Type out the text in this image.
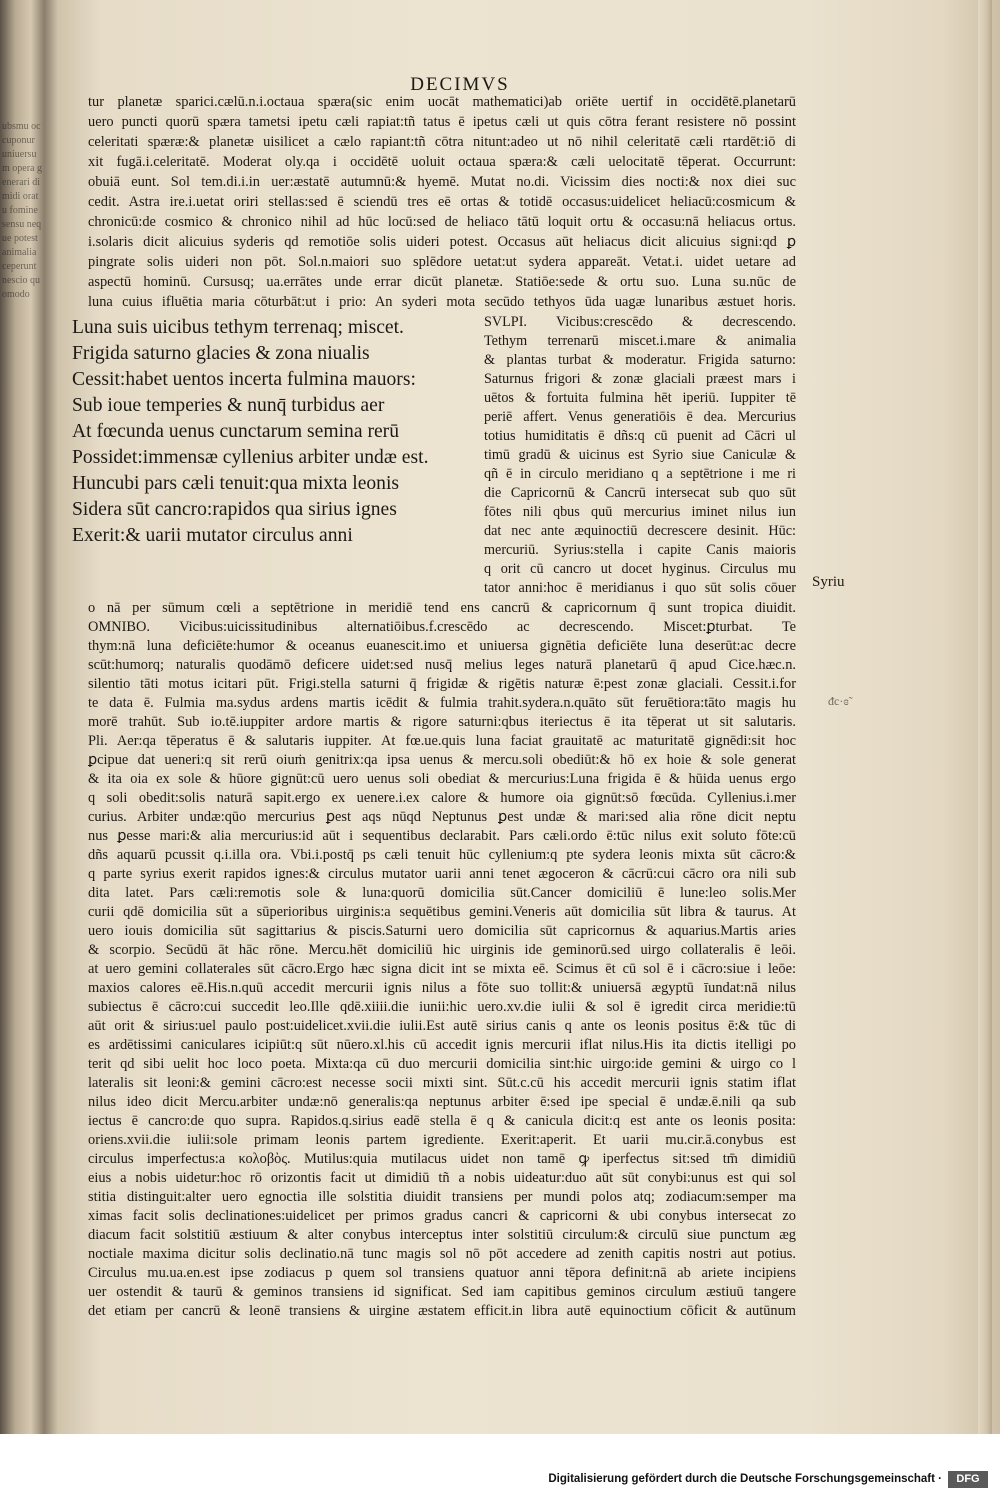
ubsmu occuponur uniuersum opera generari dimidi oratu fomine sensu neque potest animalia ceperunt nescio quomodo
DECIMVS

tur planetæ sparici.cælū.n.i.octaua spæra(sic enim uocāt mathematici)ab oriēte uertif in occidētē.planetarū

uero puncti quorū spæra tametsi ipetu cæli rapiat:tñ tatus ē ipetus cæli ut quis cōtra ferant resistere nō possint

celeritati spæræ:& planetæ uisilicet a cælo rapiant:tñ cōtra nitunt:adeo ut nō nihil celeritatē cæli rtardēt:iō di

xit fugā.i.celeritatē. Moderat oly.qa i occidētē uoluit octaua spæra:& cæli uelocitatē tēperat. Occurrunt:

obuiā eunt. Sol tem.di.i.in uer:æstatē autumnū:& hyemē. Mutat no.di. Vicissim dies nocti:& nox diei suc

cedit. Astra ire.i.uetat oriri stellas:sed ē sciendū tres eē ortas & totidē occasus:uidelicet heliacū:cosmicum &

chronicū:de cosmico & chronico nihil ad hūc locū:sed de heliaco tātū loquit ortu & occasu:nā heliacus ortus.

i.solaris dicit alicuius syderis qd remotiōe solis uideri potest. Occasus aūt heliacus dicit alicuius signi:qd ꝑ

pingrate solis uideri non pōt. Sol.n.maiori suo splēdore uetat:ut sydera appareāt. Vetat.i. uidet uetare ad

aspectū hominū. Cursusq; ua.errātes unde errar dicūt planetæ. Statiōe:sede & ortu suo. Luna su.nūc de

luna cuius ifluētia maria cōturbāt:ut i prio: An syderi mota secūdo tethyos ūda uagæ lunaribus æstuet horis.

Luna suis uicibus tethym terrenaq; miscet.

Frigida saturno glacies & zona niualis

Cessit:habet uentos incerta fulmina mauors:

Sub ioue temperies & nunq̄ turbidus aer

At fœcunda uenus cunctarum semina rerū

Possidet:immensæ cyllenius arbiter undæ est.

Huncubi pars cæli tenuit:qua mixta leonis

Sidera sūt cancro:rapidos qua sirius ignes

Exerit:& uarii mutator circulus anni

SVLPI. Vicibus:crescēdo & decrescendo.

Tethym terrenarū miscet.i.mare & animalia

& plantas turbat & moderatur. Frigida saturno:

Saturnus frigori & zonæ glaciali præest mars i

uētos & fortuita fulmina hēt iperiū. Iuppiter tē

periē affert. Venus generatiōis ē dea. Mercurius

totius humiditatis ē dñs:q cū puenit ad Cācri ul

timū gradū & uicinus est Syrio siue Caniculæ &

qñ ē in circulo meridiano q a septētrione i me ri

die Capricornū & Cancrū intersecat sub quo sūt

fōtes nili qbus quū mercurius iminet nilus iun

dat nec ante æquinoctiū decrescere desinit. Hūc:

mercuriū. Syrius:stella i capite Canis maioris

q orit cū cancro ut docet hyginus. Circulus mu

tator anni:hoc ē meridianus i quo sūt solis cōuer Syriu
ᵭc·ɞ̃

o nā per sūmum cœli a septētrione in meridiē tend ens cancrū & capricornum q̄ sunt tropica diuidit.

OMNIBO. Vicibus:uicissitudinibus alternatiōibus.f.crescēdo ac decrescendo. Miscet:ꝑturbat. Te

thym:nā luna deficiēte:humor & oceanus euanescit.imo et uniuersa gignētia deficiēte luna deserūt:ac decre

scūt:humorq; naturalis quodāmō deficere uidet:sed nusq̄ melius leges naturā planetarū q̄ apud Cice.hæc.n.

silentio tāti motus icitari pūt. Frigi.stella saturni q̄ frigidæ & rigētis naturæ ē:pest zonæ glaciali. Cessit.i.for

te data ē. Fulmia ma.sydus ardens martis icēdit & fulmia trahit.sydera.n.quāto sūt feruētiora:tāto magis hu

morē trahūt. Sub io.tē.iuppiter ardore martis & rigore saturni:qbus iteriectus ē ita tēperat ut sit salutaris.

Pli. Aer:qa tēperatus ē & salutaris iuppiter. At fœ.ue.quis luna faciat grauitatē ac maturitatē gignēdi:sit hoc

ꝑcipue dat ueneri:q sit rerū oiuṁ genitrix:qa ipsa uenus & mercu.soli obediūt:& hō ex hoie & sole generat

& ita oia ex sole & hūore gignūt:cū uero uenus soli obediat & mercurius:Luna frigida ē & hūida uenus ergo

q soli obedit:solis naturā sapit.ergo ex uenere.i.ex calore & humore oia gignūt:sō fœcūda. Cyllenius.i.mer

curius. Arbiter undæ:qūo mercurius ꝑest aqs nūqd Neptunus ꝑest undæ & mari:sed alia rōne dicit neptu

nus ꝑesse mari:& alia mercurius:id aūt i sequentibus declarabit. Pars cæli.ordo ē:tūc nilus exit soluto fōte:cū

dñs aquarū pcussit q.i.illa ora. Vbi.i.postq̄ ps cæli tenuit hūc cyllenium:q pte sydera leonis mixta sūt cācro:&

q parte syrius exerit rapidos ignes:& circulus mutator uarii anni tenet ægoceron & cācrū:cui cācro ora nili sub

dita latet. Pars cæli:remotis sole & luna:quorū domicilia sūt.Cancer domiciliū ē lune:leo solis.Mer

curii qdē domicilia sūt a sūperioribus uirginis:a sequētibus gemini.Veneris aūt domicilia sūt libra & taurus. At

uero iouis domicilia sūt sagittarius & piscis.Saturni uero domicilia sūt capricornus & aquarius.Martis aries

& scorpio. Secūdū āt hāc rōne. Mercu.hēt domiciliū hic uirginis ide geminorū.sed uirgo collateralis ē leōi.

at uero gemini collaterales sūt cācro.Ergo hæc signa dicit int se mixta eē. Scimus ēt cū sol ē i cācro:siue i leōe:

maxios calores eē.His.n.quū accedit mercurii ignis nilus a fōte suo tollit:& uniuersā ægyptū īundat:nā nilus

subiectus ē cācro:cui succedit leo.Ille qdē.xiiii.die iunii:hic uero.xv.die iulii & sol ē igredit circa meridie:tū

aūt orit & sirius:uel paulo post:uidelicet.xvii.die iulii.Est autē sirius canis q ante os leonis positus ē:& tūc di

es ardētissimi caniculares icipiūt:q sūt nūero.xl.his cū accedit ignis mercurii iflat nilus.His ita dictis itelligi po

terit qd sibi uelit hoc loco poeta. Mixta:qa cū duo mercurii domicilia sint:hic uirgo:ide gemini & uirgo co l

lateralis sit leoni:& gemini cācro:est necesse socii mixti sint. Sūt.c.cū his accedit mercurii ignis statim iflat

nilus ideo dicit Mercu.arbiter undæ:nō generalis:qa neptunus arbiter ē:sed ipe special ē undæ.ē.nili qa sub

iectus ē cancro:de quo supra. Rapidos.q.sirius eadē stella ē q & canicula dicit:q est ante os leonis posita:

oriens.xvii.die iulii:sole primam leonis partem igrediente. Exerit:aperit. Et uarii mu.cir.ā.conybus est

circulus imperfectus:a κολοβὸς. Mutilus:quia mutilacus uidet non tamē ꝙ iperfectus sit:sed tm̄ dimidiū

eius a nobis uidetur:hoc rō orizontis facit ut dimidiū tñ a nobis uideatur:duo aūt sūt conybi:unus est qui sol

stitia distinguit:alter uero egnoctia ille solstitia diuidit transiens per mundi polos atq; zodiacum:semper ma

ximas facit solis declinationes:uidelicet per primos gradus cancri & capricorni & ubi conybus intersecat zo

diacum facit solstitiū æstiuum & alter conybus interceptus inter solstitiū circulum:& circulū siue punctum æg

noctiale maxima dicitur solis declinatio.nā tunc magis sol nō pōt accedere ad zenith capitis nostri aut potius.

Circulus mu.ua.en.est ipse zodiacus p quem sol transiens quatuor anni tēpora definit:nā ab ariete incipiens

uer ostendit & taurū & geminos transiens id significat. Sed iam capitibus geminos circulum æstiuū tangere

det etiam per cancrū & leonē transiens & uirgine æstatem efficit.in libra autē equinoctium cōficit & autūnum

Digitalisierung gefördert durch die Deutsche Forschungsgemeinschaft ·	DFG
